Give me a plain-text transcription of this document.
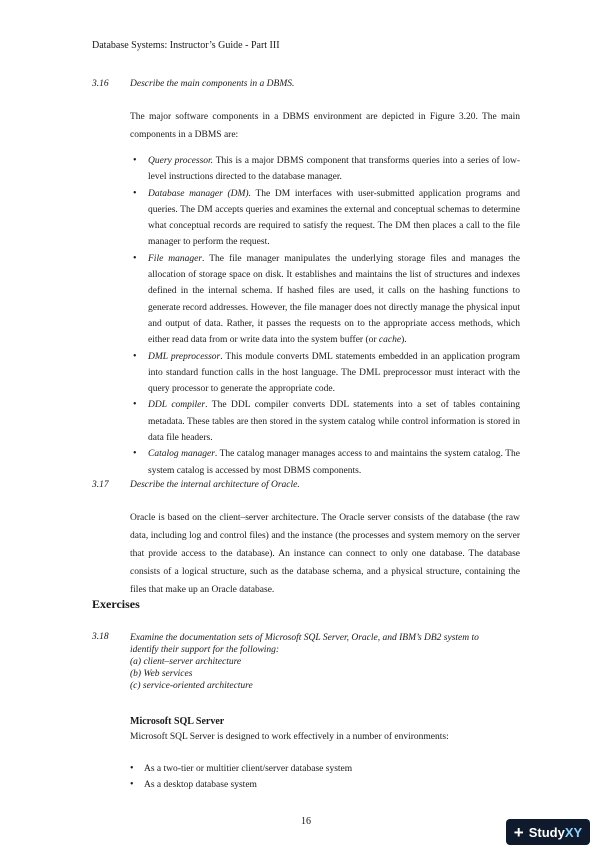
Database Systems: Instructor’s Guide - Part III
3.16 Describe the main components in a DBMS.
The major software components in a DBMS environment are depicted in Figure 3.20. The main components in a DBMS are:
• Query processor. This is a major DBMS component that transforms queries into a series of low-level instructions directed to the database manager.
• Database manager (DM). The DM interfaces with user-submitted application programs and queries. The DM accepts queries and examines the external and conceptual schemas to determine what conceptual records are required to satisfy the request. The DM then places a call to the file manager to perform the request.
• File manager. The file manager manipulates the underlying storage files and manages the allocation of storage space on disk. It establishes and maintains the list of structures and indexes defined in the internal schema. If hashed files are used, it calls on the hashing functions to generate record addresses. However, the file manager does not directly manage the physical input and output of data. Rather, it passes the requests on to the appropriate access methods, which either read data from or write data into the system buffer (or cache).
• DML preprocessor. This module converts DML statements embedded in an application program into standard function calls in the host language. The DML preprocessor must interact with the query processor to generate the appropriate code.
• DDL compiler. The DDL compiler converts DDL statements into a set of tables containing metadata. These tables are then stored in the system catalog while control information is stored in data file headers.
• Catalog manager. The catalog manager manages access to and maintains the system catalog. The system catalog is accessed by most DBMS components.
3.17 Describe the internal architecture of Oracle.
Oracle is based on the client–server architecture. The Oracle server consists of the database (the raw data, including log and control files) and the instance (the processes and system memory on the server that provide access to the database). An instance can connect to only one database. The database consists of a logical structure, such as the database schema, and a physical structure, containing the files that make up an Oracle database.
Exercises
3.18 Examine the documentation sets of Microsoft SQL Server, Oracle, and IBM’s DB2 system to
identify their support for the following:
(a) client–server architecture
(b) Web services
(c) service-oriented architecture
Microsoft SQL Server
Microsoft SQL Server is designed to work effectively in a number of environments:
• As a two-tier or multitier client/server database system
• As a desktop database system
16
+ Study XY
